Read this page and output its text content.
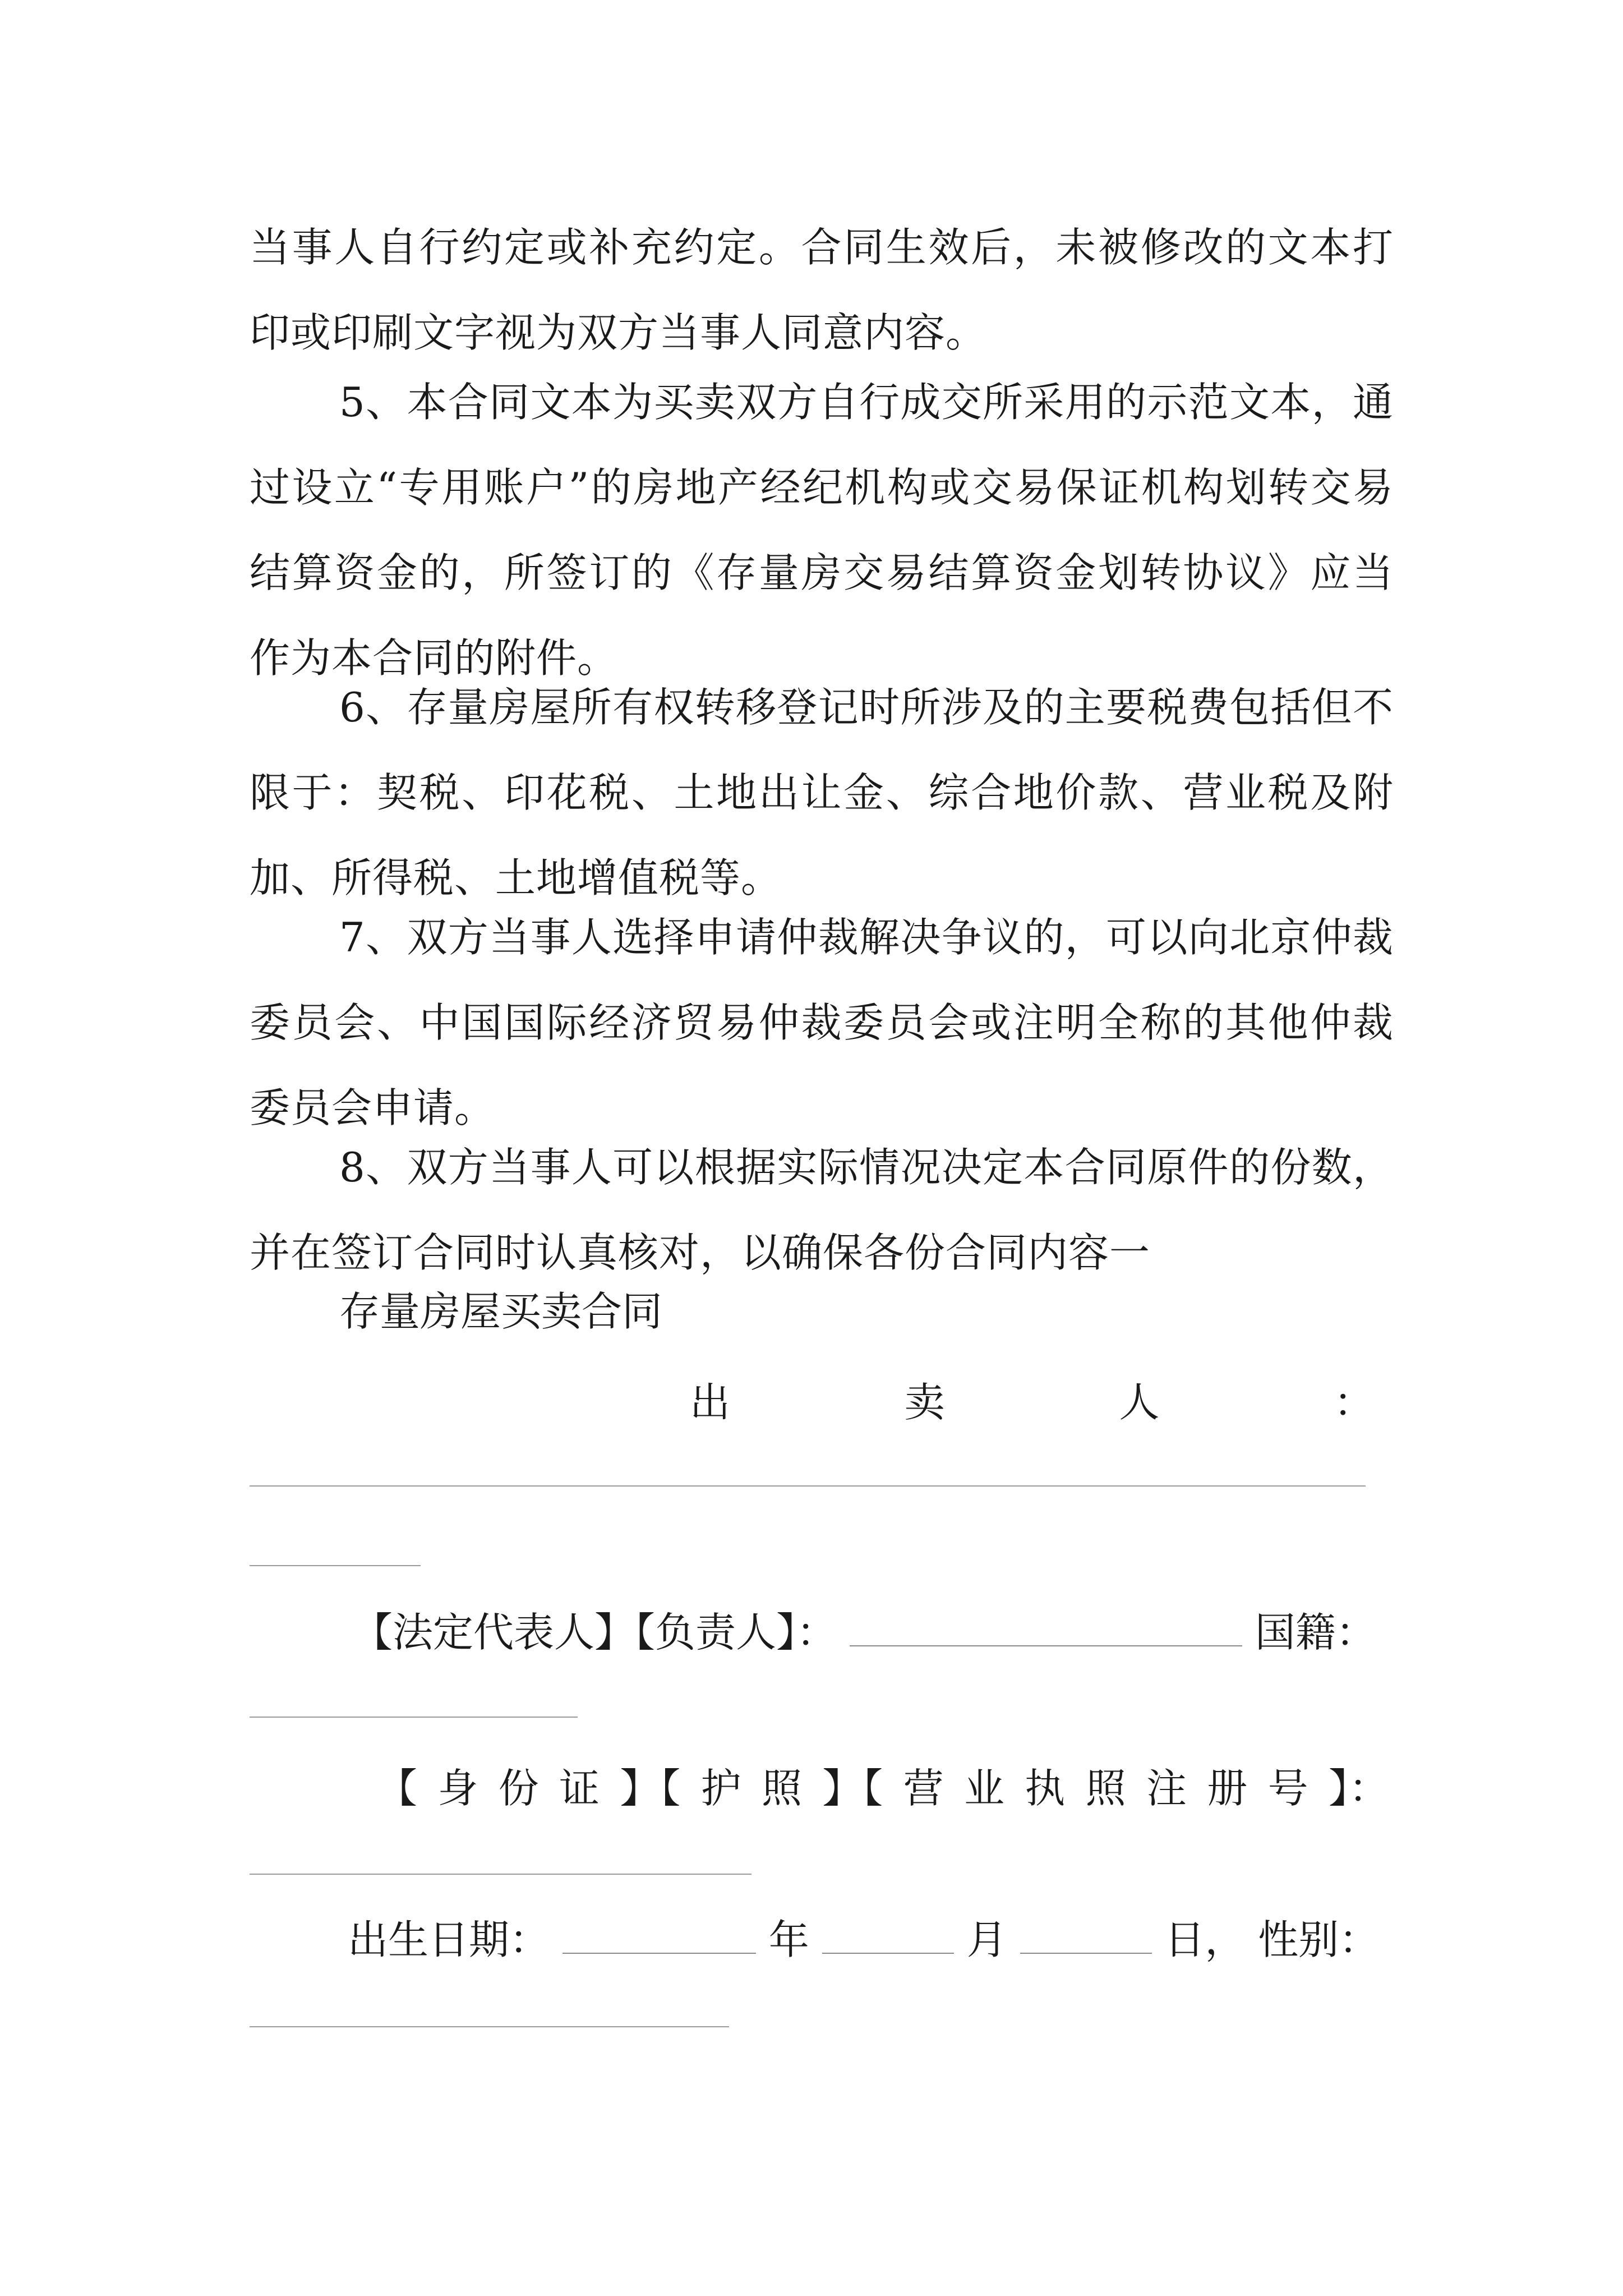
当事人自行约定或补充约定。合同生效后，未被修改的文本打印或印刷文字视为双方当事人同意内容。

5、本合同文本为买卖双方自行成交所采用的示范文本，通过设立“专用账户”的房地产经纪机构或交易保证机构划转交易结算资金的，所签订的《存量房交易结算资金划转协议》应当作为本合同的附件。

6、存量房屋所有权转移登记时所涉及的主要税费包括但不限于：契税、印花税、土地出让金、综合地价款、营业税及附加、所得税、土地增值税等。

7、双方当事人选择申请仲裁解决争议的，可以向北京仲裁委员会、中国国际经济贸易仲裁委员会或注明全称的其他仲裁委员会申请。

8、双方当事人可以根据实际情况决定本合同原件的份数，并在签订合同时认真核对，以确保各份合同内容一

存量房屋买卖合同
出	卖	人	：
【法定代表人】【负责人】：	国籍：
【 身 份 证 】【 护 照 】【 营 业 执 照 注 册 号 】：
出生日期：	年	月	日， 性别：
